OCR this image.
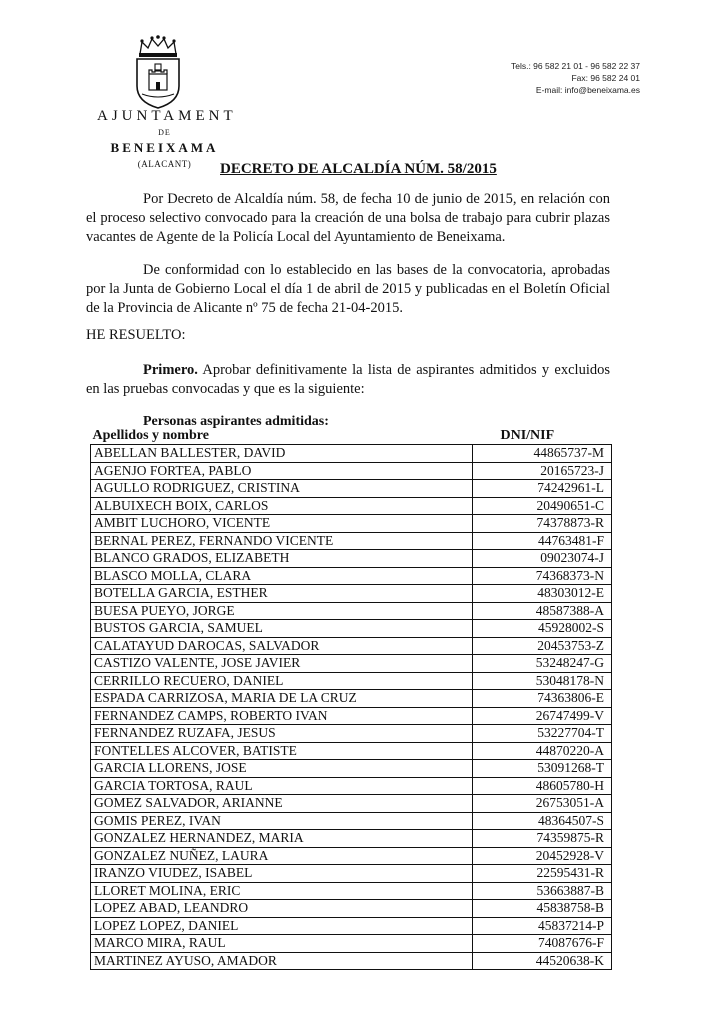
AJUNTAMENT
DE
BENEIXAMA
(ALACANT)
Tels.: 96 582 21 01 - 96 582 22 37
Fax: 96 582 24 01
E-mail: info@beneixama.es
DECRETO DE ALCALDÍA NÚM. 58/2015
Por Decreto de Alcaldía núm. 58, de fecha 10 de junio de 2015, en relación con el proceso selectivo convocado para la creación de una bolsa de trabajo para cubrir plazas vacantes de Agente de la Policía Local del Ayuntamiento de Beneixama.
De conformidad con lo establecido en las bases de la convocatoria, aprobadas por la Junta de Gobierno Local el día 1 de abril de 2015 y publicadas en el Boletín Oficial de la Provincia de Alicante nº 75 de fecha 21-04-2015.
HE RESUELTO:
Primero. Aprobar definitivamente la lista de aspirantes admitidos y excluidos en las pruebas convocadas y que es la siguiente:
Personas aspirantes admitidas:
Apellidos y nombre	DNI/NIF
ABELLAN BALLESTER, DAVID	44865737-M
AGENJO FORTEA, PABLO	20165723-J
AGULLO RODRIGUEZ, CRISTINA	74242961-L
ALBUIXECH BOIX, CARLOS	20490651-C
AMBIT LUCHORO, VICENTE	74378873-R
BERNAL PEREZ, FERNANDO VICENTE	44763481-F
BLANCO GRADOS, ELIZABETH	09023074-J
BLASCO MOLLA, CLARA	74368373-N
BOTELLA GARCIA, ESTHER	48303012-E
BUESA PUEYO, JORGE	48587388-A
BUSTOS GARCIA, SAMUEL	45928002-S
CALATAYUD DAROCAS, SALVADOR	20453753-Z
CASTIZO VALENTE, JOSE JAVIER	53248247-G
CERRILLO RECUERO, DANIEL	53048178-N
ESPADA CARRIZOSA, MARIA DE LA CRUZ	74363806-E
FERNANDEZ CAMPS, ROBERTO IVAN	26747499-V
FERNANDEZ RUZAFA, JESUS	53227704-T
FONTELLES ALCOVER, BATISTE	44870220-A
GARCIA LLORENS, JOSE	53091268-T
GARCIA TORTOSA, RAUL	48605780-H
GOMEZ SALVADOR, ARIANNE	26753051-A
GOMIS PEREZ, IVAN	48364507-S
GONZALEZ HERNANDEZ, MARIA	74359875-R
GONZALEZ NUÑEZ, LAURA	20452928-V
IRANZO VIUDEZ, ISABEL	22595431-R
LLORET MOLINA, ERIC	53663887-B
LOPEZ ABAD, LEANDRO	45838758-B
LOPEZ LOPEZ, DANIEL	45837214-P
MARCO MIRA, RAUL	74087676-F
MARTINEZ AYUSO, AMADOR	44520638-K
